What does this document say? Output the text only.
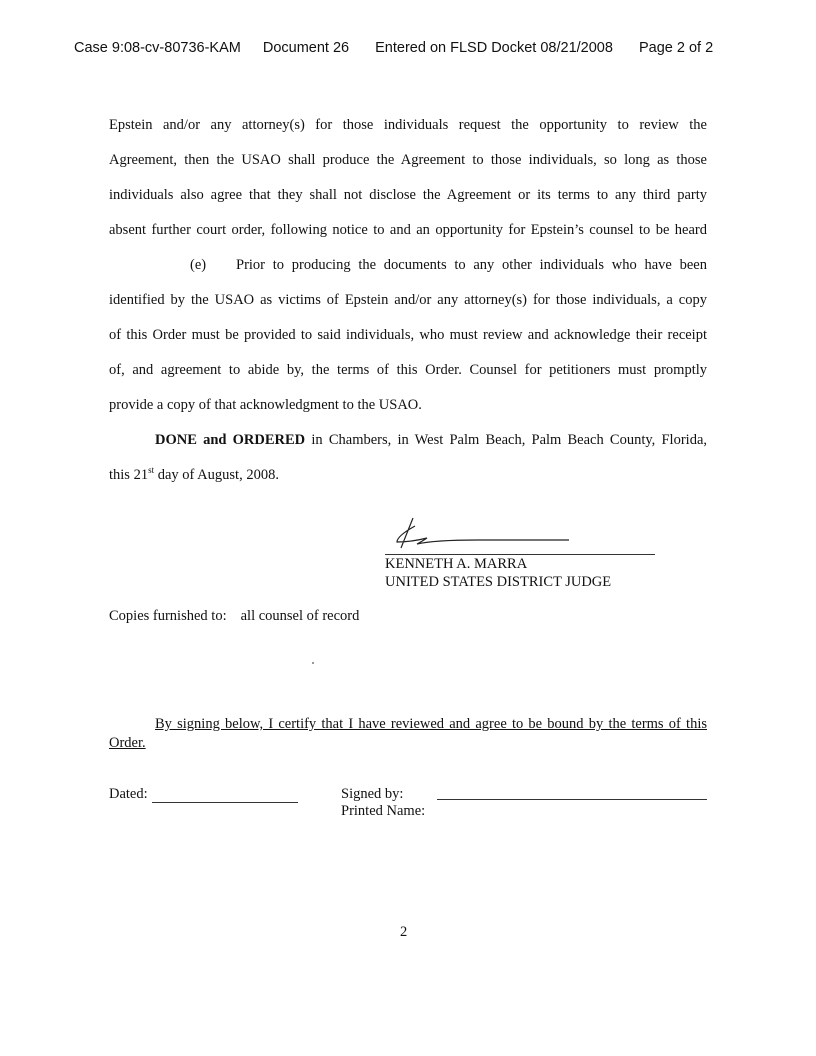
Case 9:08-cv-80736-KAM Document 26 Entered on FLSD Docket 08/21/2008 Page 2 of 2
Epstein and/or any attorney(s) for those individuals request the opportunity to review the
Agreement, then the USAO shall produce the Agreement to those individuals, so long as those
individuals also agree that they shall not disclose the Agreement or its terms to any third party
absent further court order, following notice to and an opportunity for Epstein’s counsel to be heard
(e)	Prior to producing the documents to any other individuals who have been
identified by the USAO as victims of Epstein and/or any attorney(s) for those individuals, a copy
of this Order must be provided to said individuals, who must review and acknowledge their receipt
of, and agreement to abide by, the terms of this Order. Counsel for petitioners must promptly
provide a copy of that acknowledgment to the USAO.
DONE and ORDERED in Chambers, in West Palm Beach, Palm Beach County, Florida,
this 21st day of August, 2008.
KENNETH A. MARRA
UNITED STATES DISTRICT JUDGE
Copies furnished to: all counsel of record
By signing below, I certify that I have reviewed and agree to be bound by the terms of this
Order.
Dated:	Signed by:
Printed Name:
2
